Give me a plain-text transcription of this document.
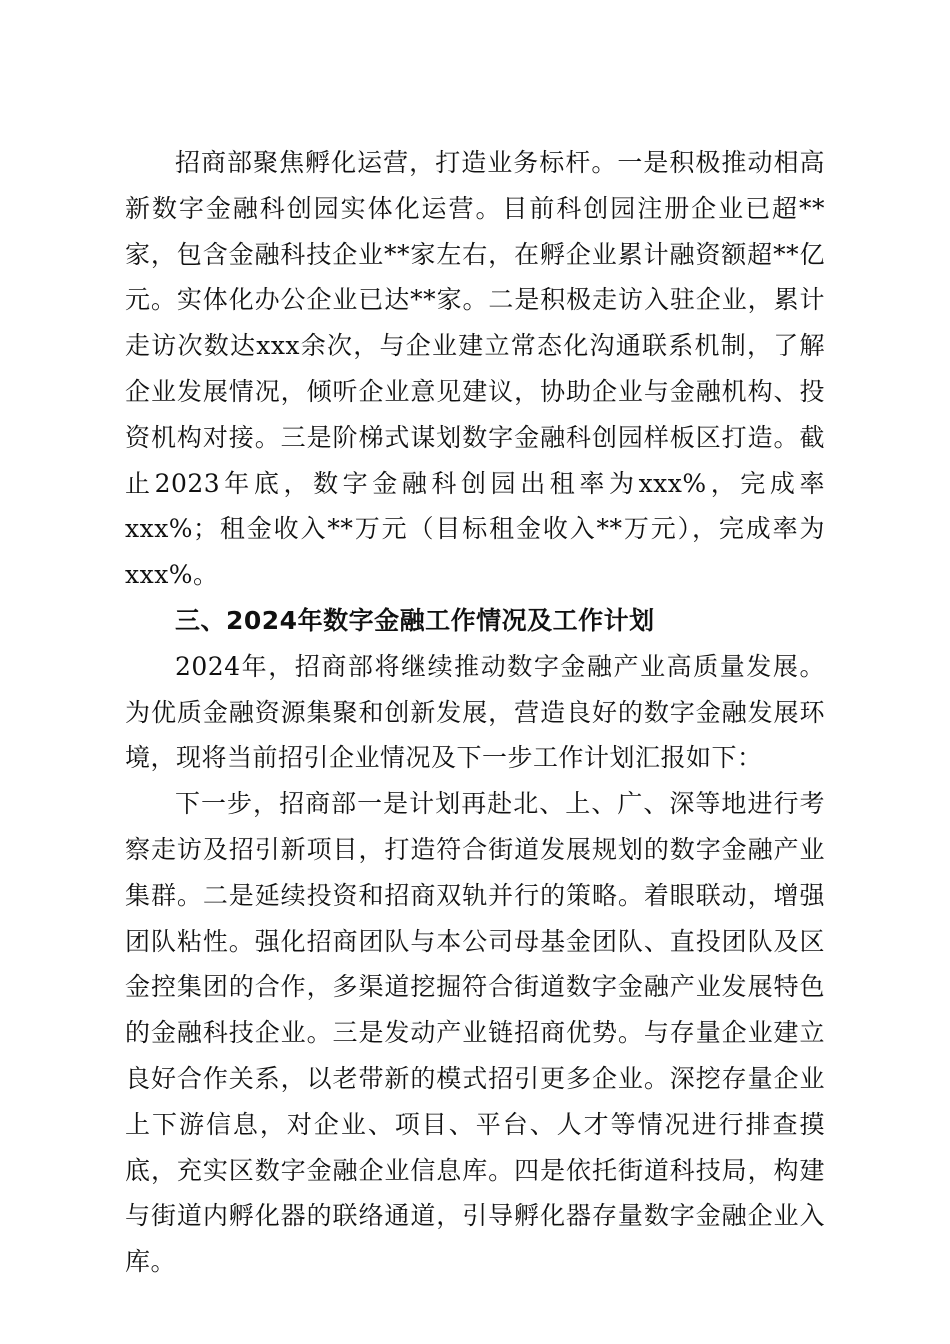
招商部聚焦孵化运营，打造业务标杆。一是积极推动相高新数字金融科创园实体化运营。目前科创园注册企业已超**家，包含金融科技企业**家左右，在孵企业累计融资额超**亿元。实体化办公企业已达**家。二是积极走访入驻企业，累计走访次数达xxx余次，与企业建立常态化沟通联系机制，了解企业发展情况，倾听企业意见建议，协助企业与金融机构、投资机构对接。三是阶梯式谋划数字金融科创园样板区打造。截止2023年底，数字金融科创园出租率为xxx%，完成率xxx%；租金收入**万元（目标租金收入**万元），完成率为xxx%。

三、2024年数字金融工作情况及工作计划

2024年，招商部将继续推动数字金融产业高质量发展。为优质金融资源集聚和创新发展，营造良好的数字金融发展环境，现将当前招引企业情况及下一步工作计划汇报如下：

下一步，招商部一是计划再赴北、上、广、深等地进行考察走访及招引新项目，打造符合街道发展规划的数字金融产业集群。二是延续投资和招商双轨并行的策略。着眼联动，增强团队粘性。强化招商团队与本公司母基金团队、直投团队及区金控集团的合作，多渠道挖掘符合街道数字金融产业发展特色的金融科技企业。三是发动产业链招商优势。与存量企业建立良好合作关系，以老带新的模式招引更多企业。深挖存量企业上下游信息，对企业、项目、平台、人才等情况进行排查摸底，充实区数字金融企业信息库。四是依托街道科技局，构建与街道内孵化器的联络通道，引导孵化器存量数字金融企业入库。
